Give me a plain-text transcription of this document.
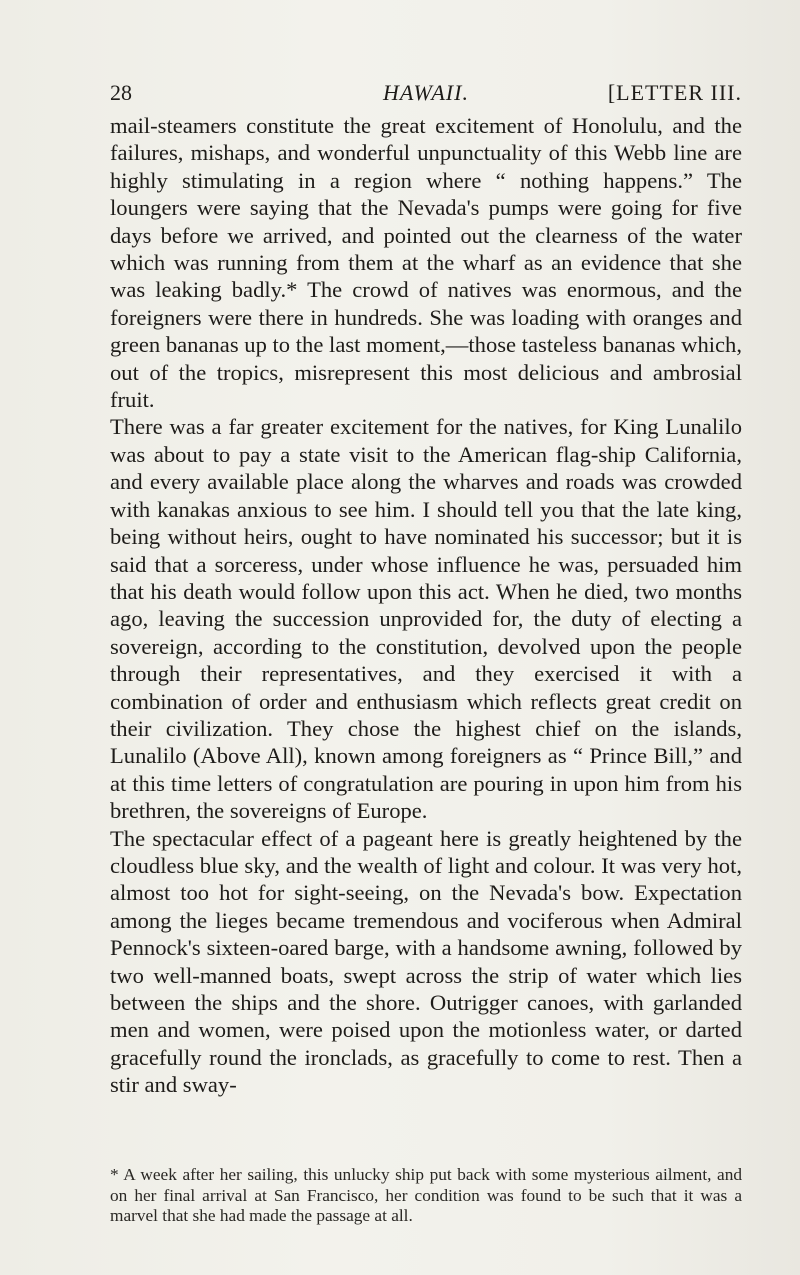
28	HAWAII.	[LETTER III.

mail-steamers constitute the great excitement of Honolulu, and the failures, mishaps, and wonderful unpunctuality of this Webb line are highly stimulating in a region where “ nothing happens.” The loungers were saying that the Nevada's pumps were going for five days before we arrived, and pointed out the clearness of the water which was running from them at the wharf as an evidence that she was leaking badly.* The crowd of natives was enormous, and the foreigners were there in hundreds. She was loading with oranges and green bananas up to the last moment,—those tasteless bananas which, out of the tropics, misrepresent this most delicious and ambrosial fruit.

There was a far greater excitement for the natives, for King Lunalilo was about to pay a state visit to the American flag-ship California, and every available place along the wharves and roads was crowded with kanakas anxious to see him. I should tell you that the late king, being without heirs, ought to have nominated his successor; but it is said that a sorceress, under whose influence he was, persuaded him that his death would follow upon this act. When he died, two months ago, leaving the succession unprovided for, the duty of electing a sovereign, according to the constitution, devolved upon the people through their representatives, and they exercised it with a combination of order and enthusiasm which reflects great credit on their civilization. They chose the highest chief on the islands, Lunalilo (Above All), known among foreigners as “ Prince Bill,” and at this time letters of congratulation are pouring in upon him from his brethren, the sovereigns of Europe.

The spectacular effect of a pageant here is greatly heightened by the cloudless blue sky, and the wealth of light and colour. It was very hot, almost too hot for sight-seeing, on the Nevada's bow. Expectation among the lieges became tremendous and vociferous when Admiral Pennock's sixteen-oared barge, with a handsome awning, followed by two well-manned boats, swept across the strip of water which lies between the ships and the shore. Outrigger canoes, with garlanded men and women, were poised upon the motionless water, or darted gracefully round the ironclads, as gracefully to come to rest. Then a stir and sway-

* A week after her sailing, this unlucky ship put back with some mysterious ailment, and on her final arrival at San Francisco, her condition was found to be such that it was a marvel that she had made the passage at all.
